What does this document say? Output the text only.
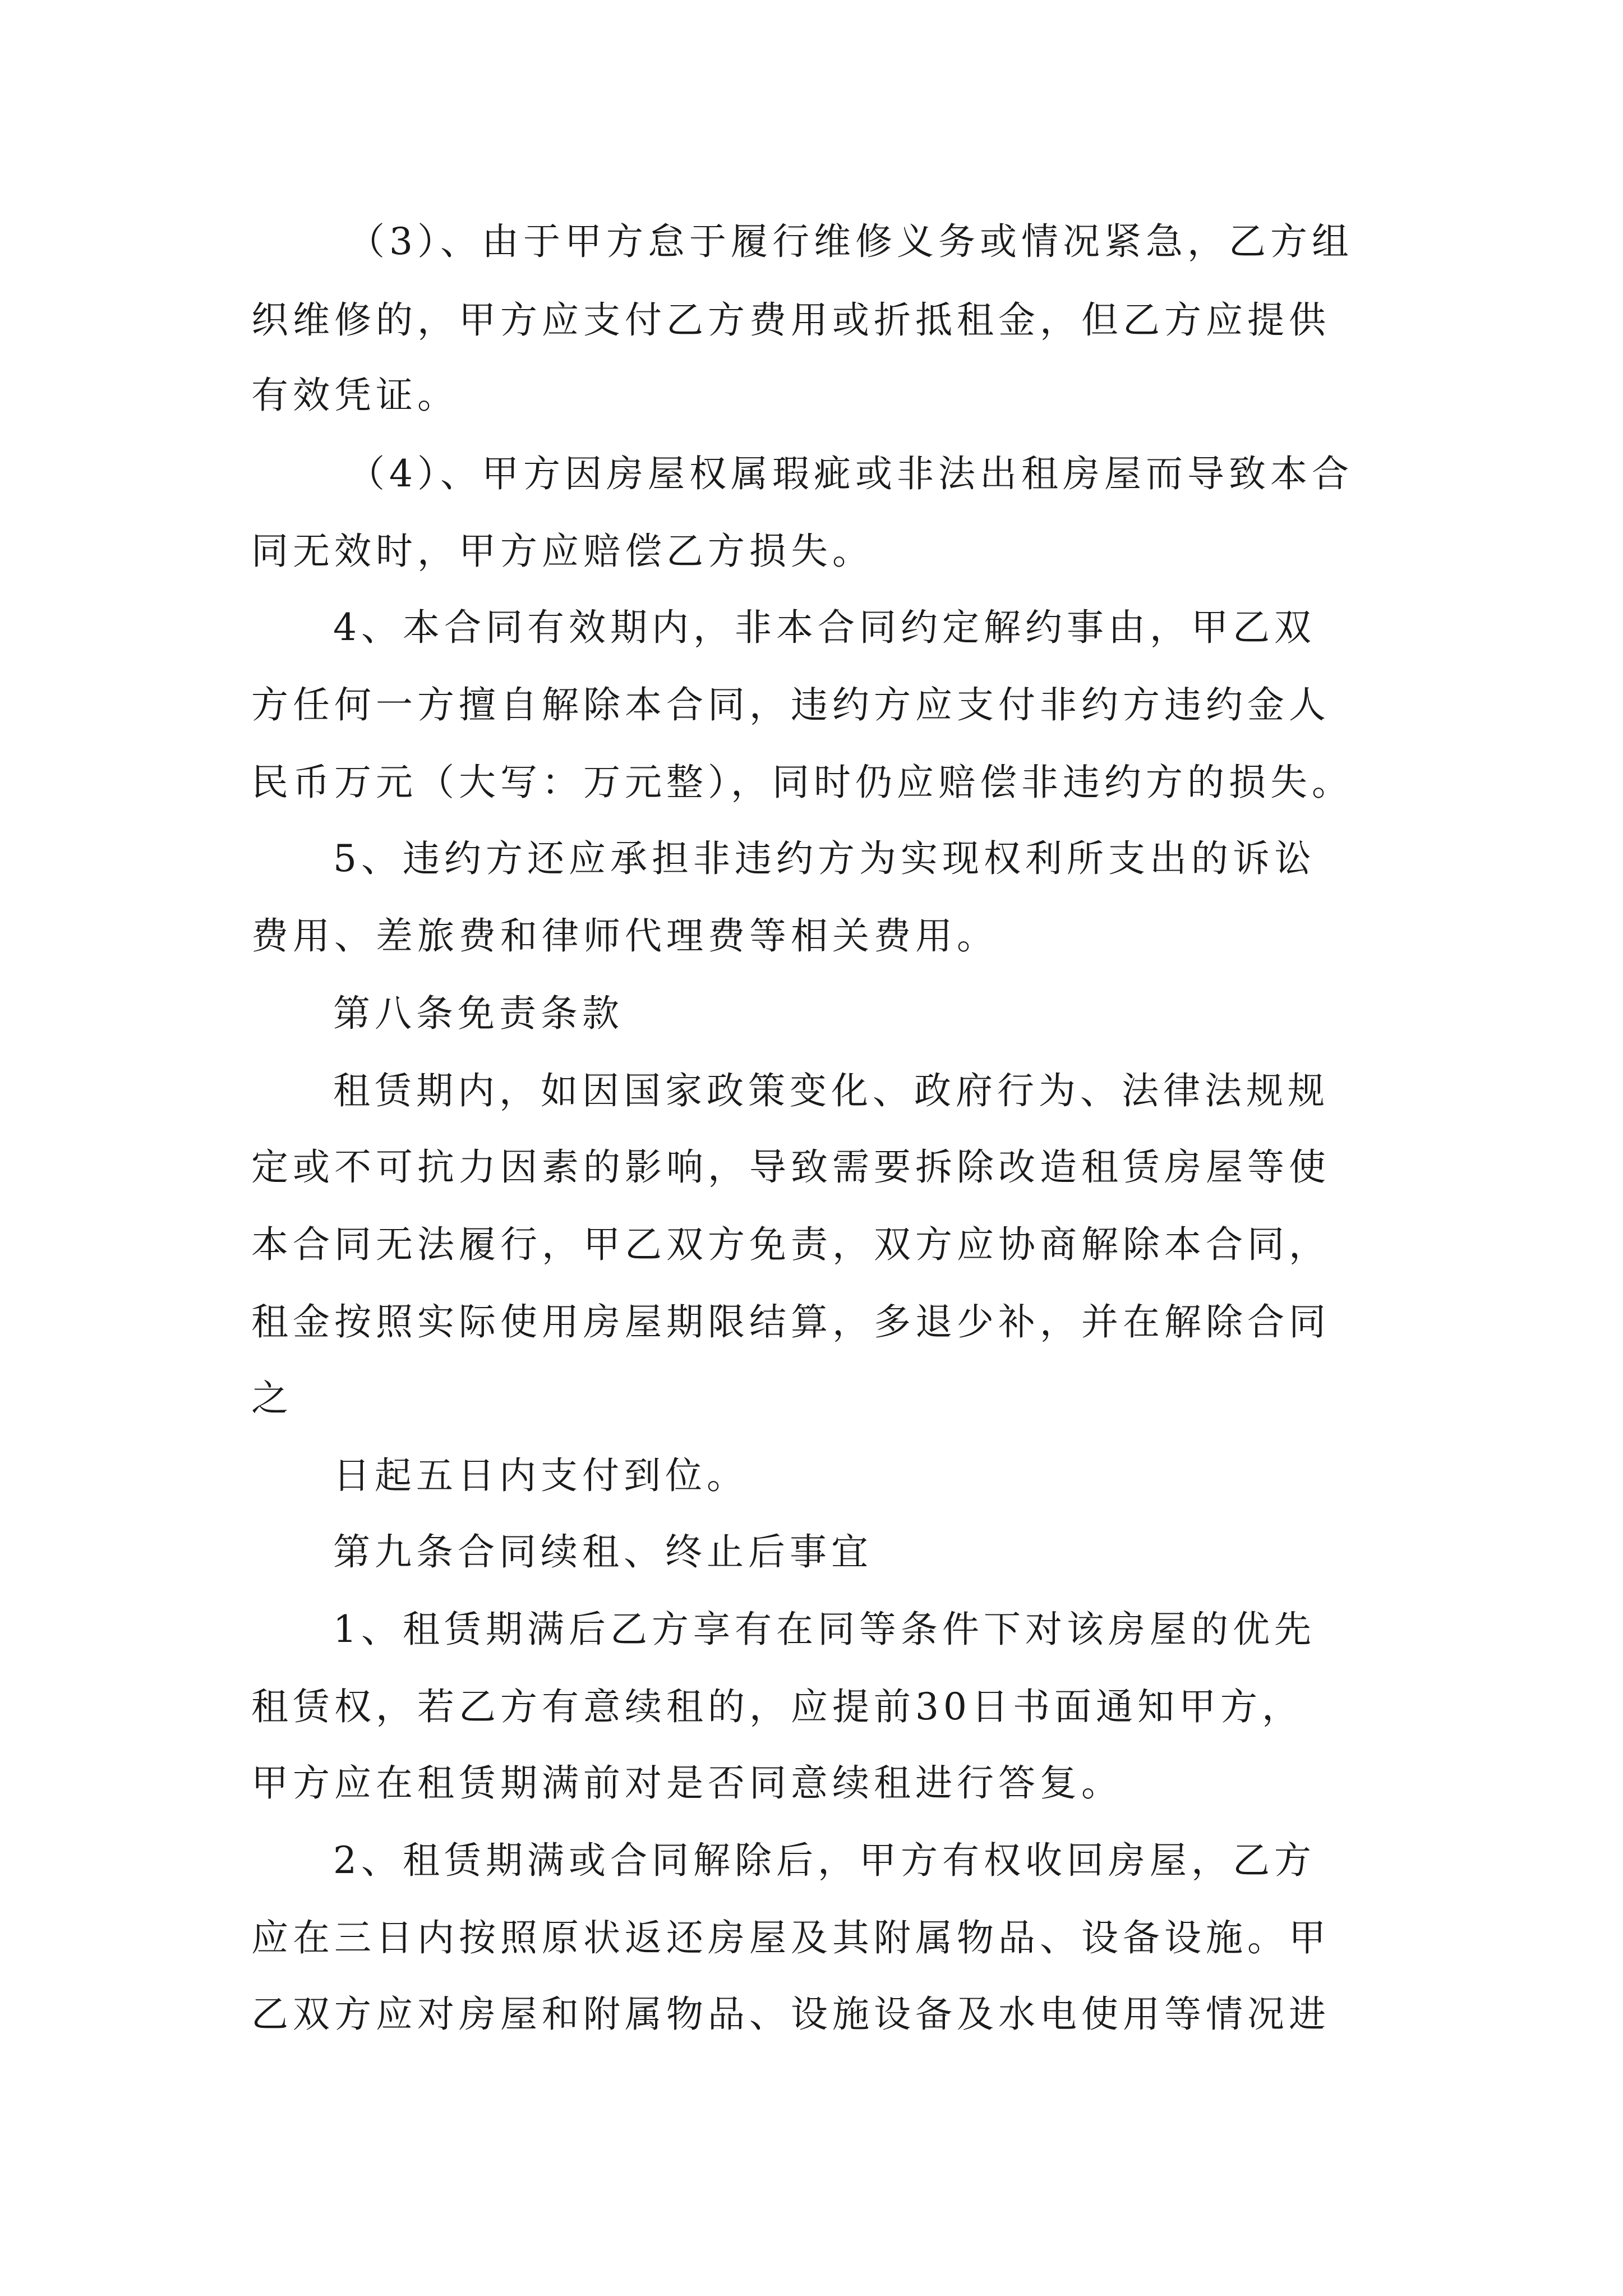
（3）、由于甲方怠于履行维修义务或情况紧急，乙方组
织维修的，甲方应支付乙方费用或折抵租金，但乙方应提供
有效凭证。
（4）、甲方因房屋权属瑕疵或非法出租房屋而导致本合
同无效时，甲方应赔偿乙方损失。
4、本合同有效期内，非本合同约定解约事由，甲乙双
方任何一方擅自解除本合同，违约方应支付非约方违约金人
民币万元（大写：万元整），同时仍应赔偿非违约方的损失。
5、违约方还应承担非违约方为实现权利所支出的诉讼
费用、差旅费和律师代理费等相关费用。
第八条免责条款
租赁期内，如因国家政策变化、政府行为、法律法规规
定或不可抗力因素的影响，导致需要拆除改造租赁房屋等使
本合同无法履行，甲乙双方免责，双方应协商解除本合同，
租金按照实际使用房屋期限结算，多退少补，并在解除合同
之
日起五日内支付到位。
第九条合同续租、终止后事宜
1、租赁期满后乙方享有在同等条件下对该房屋的优先
租赁权，若乙方有意续租的，应提前30日书面通知甲方，
甲方应在租赁期满前对是否同意续租进行答复。
2、租赁期满或合同解除后，甲方有权收回房屋，乙方
应在三日内按照原状返还房屋及其附属物品、设备设施。甲
乙双方应对房屋和附属物品、设施设备及水电使用等情况进
